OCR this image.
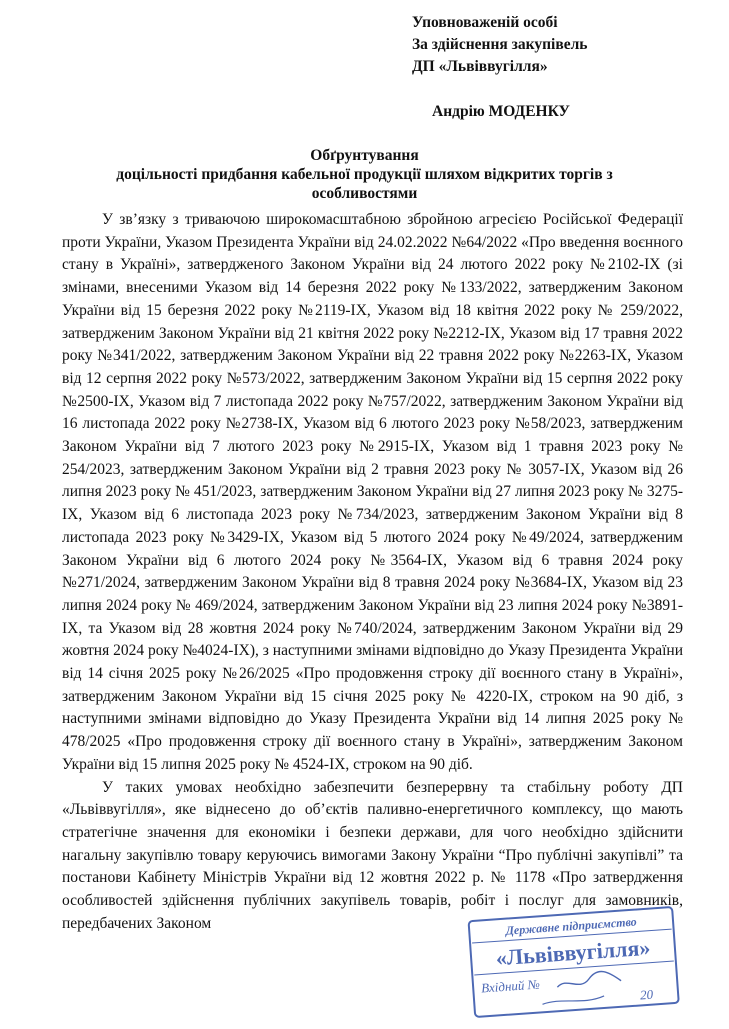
Уповноваженій особі
За здійснення закупівель
ДП «Львіввугілля»
Андрію МОДЕНКУ
Обґрунтування
доцільності придбання кабельної продукції шляхом відкритих торгів з
особливостями

У зв’язку з триваючою широкомасштабною збройною агресією Російської Федерації проти України, Указом Президента України від 24.02.2022 №64/2022 «Про введення воєнного стану в Україні», затвердженого Законом України від 24 лютого 2022 року №2102-IX (зі змінами, внесеними Указом від 14 березня 2022 року №133/2022, затвердженим Законом України від 15 березня 2022 року №2119-IX, Указом від 18 квітня 2022 року № 259/2022, затвердженим Законом України від 21 квітня 2022 року №2212-IX, Указом від 17 травня 2022 року №341/2022, затвердженим Законом України від 22 травня 2022 року №2263-IX, Указом від 12 серпня 2022 року №573/2022, затвердженим Законом України від 15 серпня 2022 року №2500-IX, Указом від 7 листопада 2022 року №757/2022, затвердженим Законом України від 16 листопада 2022 року №2738-IX, Указом від 6 лютого 2023 року №58/2023, затвердженим Законом України від 7 лютого 2023 року №2915-IX, Указом від 1 травня 2023 року № 254/2023, затвердженим Законом України від 2 травня 2023 року № 3057-IX, Указом від 26 липня 2023 року № 451/2023, затвердженим Законом України від 27 липня 2023 року № 3275-IX, Указом від 6 листопада 2023 року №734/2023, затвердженим Законом України від 8 листопада 2023 року №3429-IX, Указом від 5 лютого 2024 року №49/2024, затвердженим Законом України від 6 лютого 2024 року №3564-IX, Указом від 6 травня 2024 року №271/2024, затвердженим Законом України від 8 травня 2024 року №3684-IX, Указом від 23 липня 2024 року № 469/2024, затвердженим Законом України від 23 липня 2024 року №3891-IX, та Указом від 28 жовтня 2024 року №740/2024, затвердженим Законом України від 29 жовтня 2024 року №4024-IX), з наступними змінами відповідно до Указу Президента України від 14 січня 2025 року №26/2025 «Про продовження строку дії воєнного стану в Україні», затвердженим Законом України від 15 січня 2025 року № 4220-IX, строком на 90 діб, з наступними змінами відповідно до Указу Президента України від 14 липня 2025 року № 478/2025 «Про продовження строку дії воєнного стану в Україні», затвердженим Законом України від 15 липня 2025 року № 4524-IX, строком на 90 діб.

У таких умовах необхідно забезпечити безперервну та стабільну роботу ДП «Львіввугілля», яке віднесено до об’єктів паливно-енергетичного комплексу, що мають стратегічне значення для економіки і безпеки держави, для чого необхідно здійснити нагальну закупівлю товару керуючись вимогами Закону України “Про публічні закупівлі” та постанови Кабінету Міністрів України від 12 жовтня 2022 р. № 1178 «Про затвердження особливостей здійснення публічних закупівель товарів, робіт і послуг для замовників, передбачених Законом	Державне підприємство
«Львіввугілля»
Вхідний №	20
